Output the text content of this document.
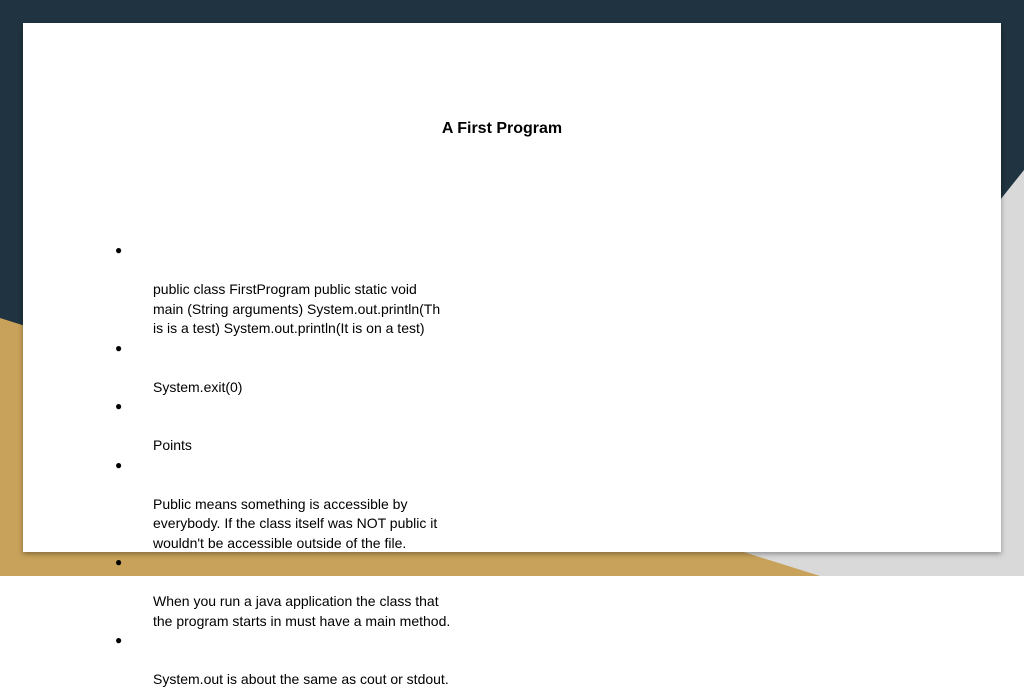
A First Program

●

public class FirstProgram public static void
main (String arguments) System.out.println(Th
is is a test) System.out.println(It is on a test)

●

System.exit(0)

●

Points

●

Public means something is accessible by
everybody. If the class itself was NOT public it
wouldn't be accessible outside of the file.

●

When you run a java application the class that
the program starts in must have a main method.

●

System.out is about the same as cout or stdout.
